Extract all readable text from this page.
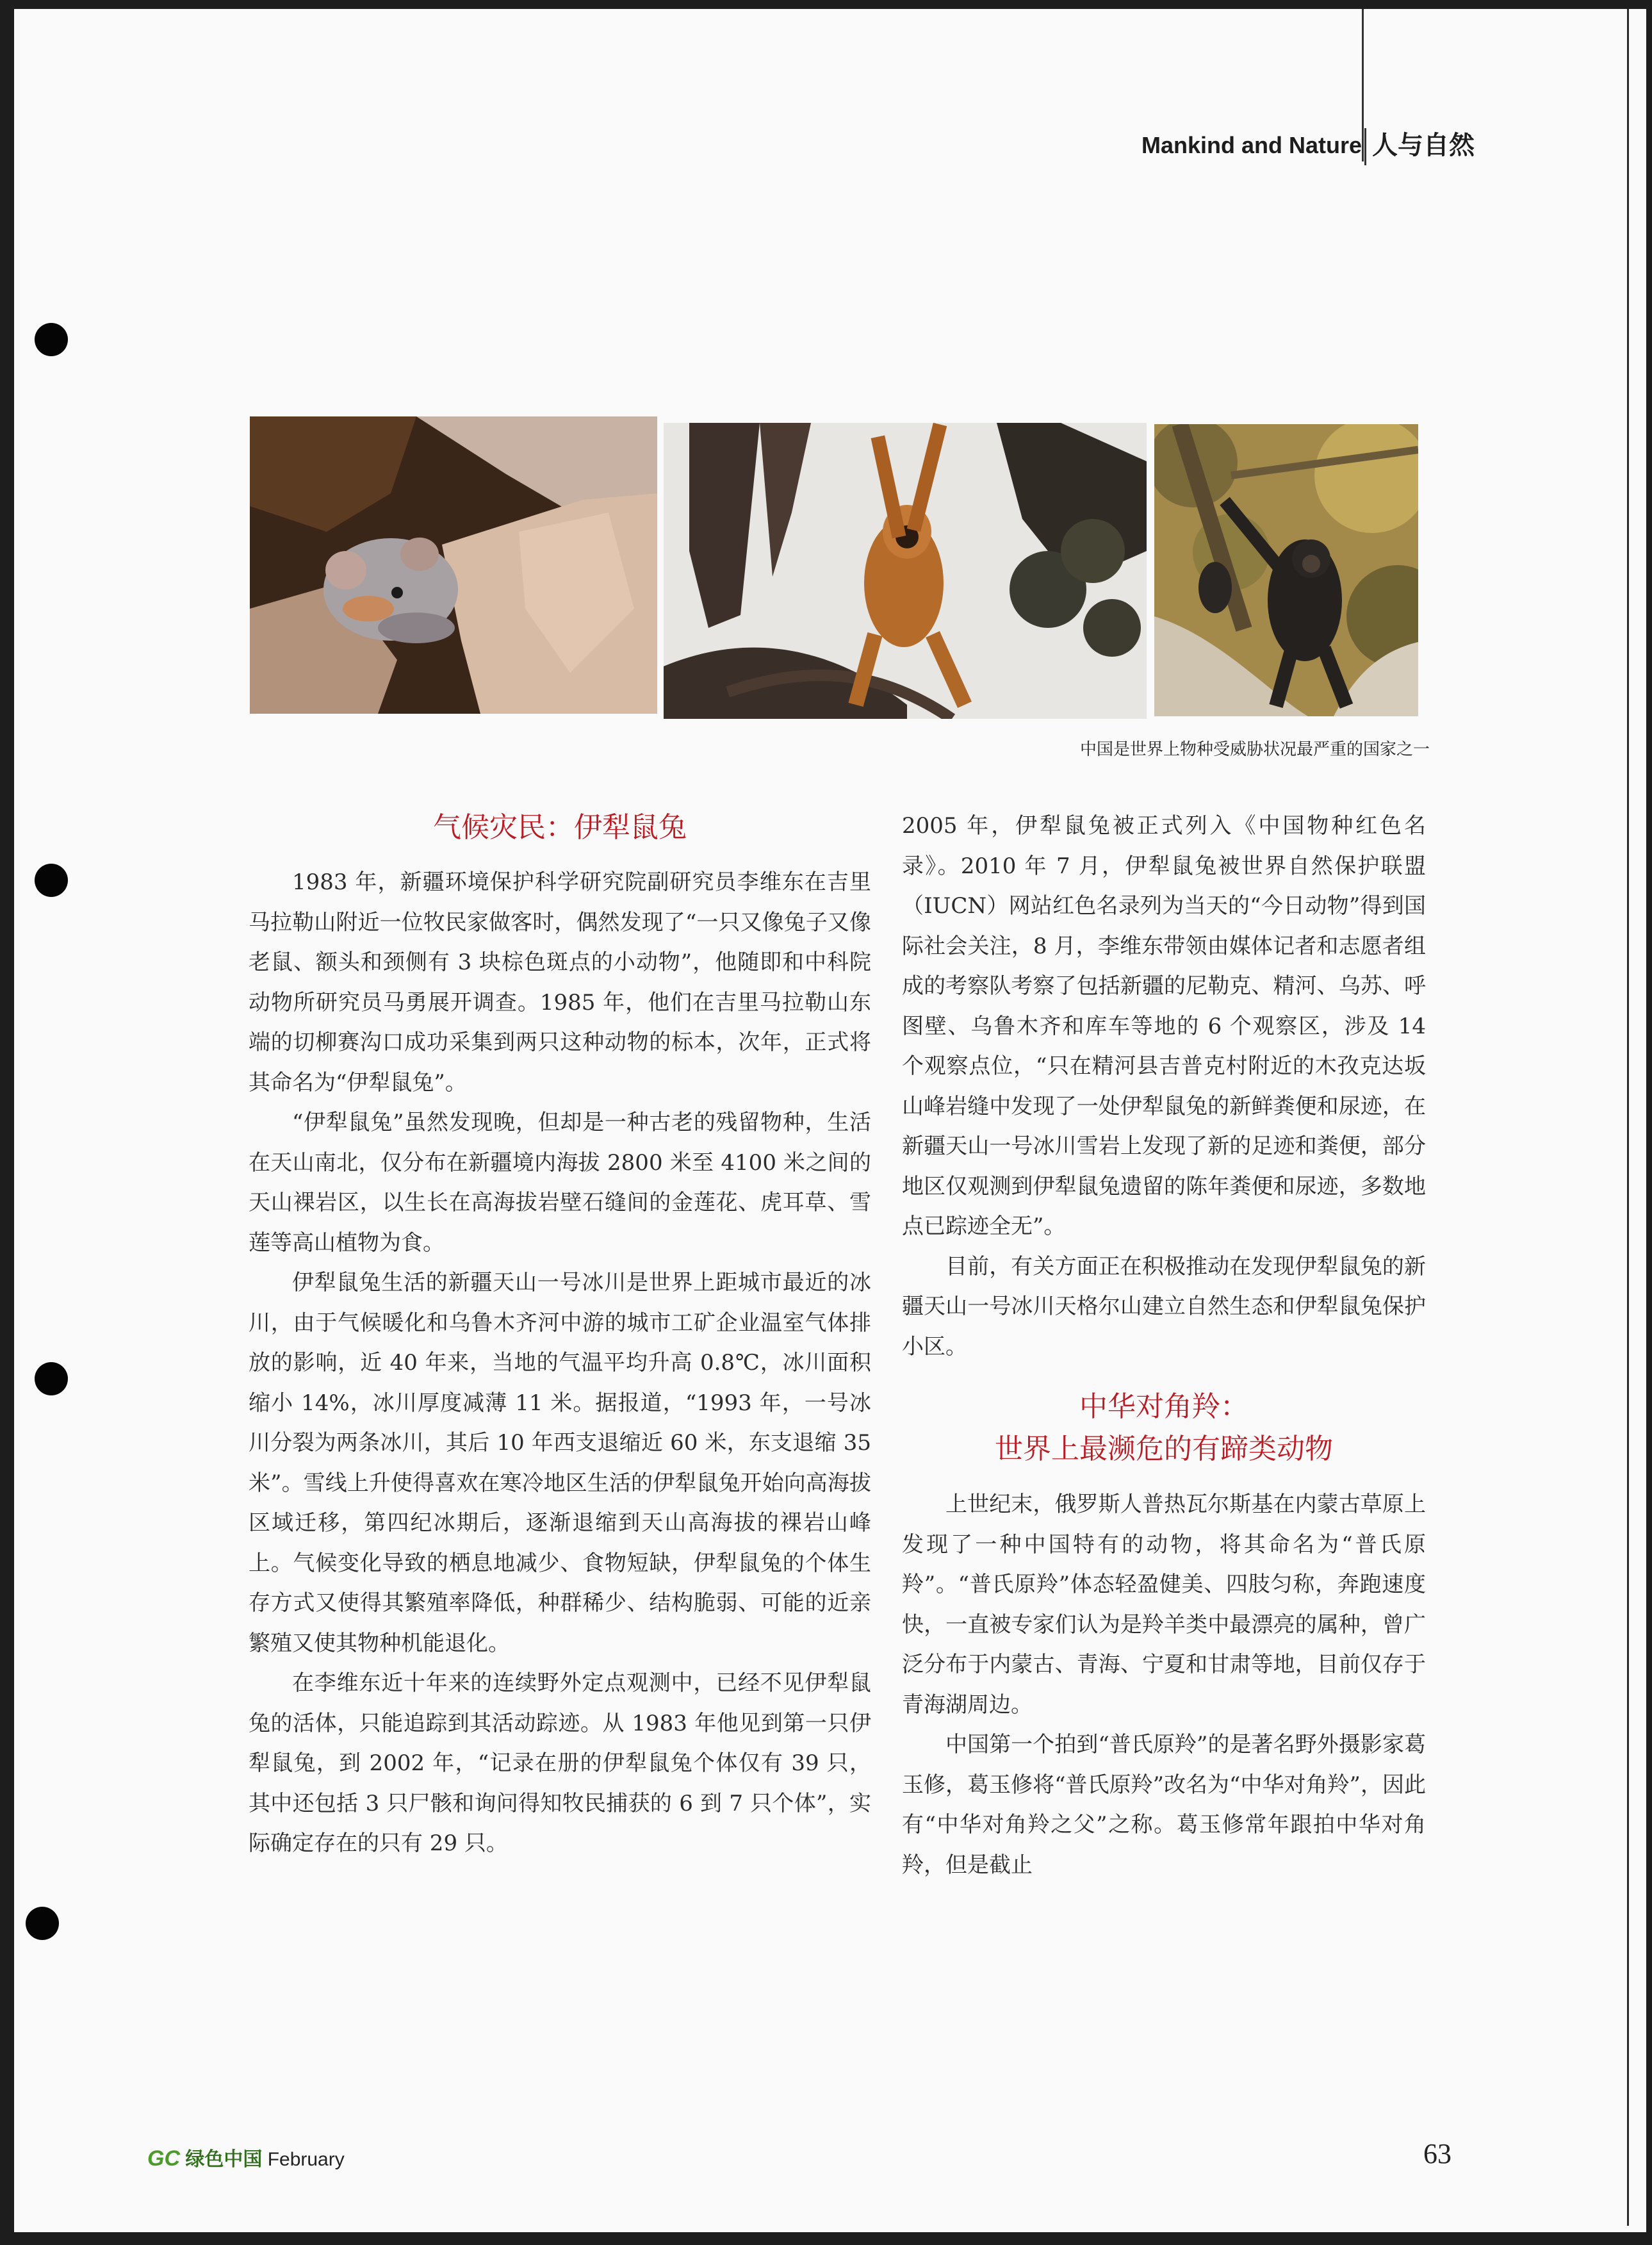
Mankind and Nature 人与自然
中国是世界上物种受威胁状况最严重的国家之一
气候灾民：伊犁鼠兔

1983 年，新疆环境保护科学研究院副研究员李维东在吉里马拉勒山附近一位牧民家做客时，偶然发现了“一只又像兔子又像老鼠、额头和颈侧有 3 块棕色斑点的小动物”，他随即和中科院动物所研究员马勇展开调查。1985 年，他们在吉里马拉勒山东端的切柳赛沟口成功采集到两只这种动物的标本，次年，正式将其命名为“伊犁鼠兔”。

“伊犁鼠兔”虽然发现晚，但却是一种古老的残留物种，生活在天山南北，仅分布在新疆境内海拔 2800 米至 4100 米之间的天山裸岩区，以生长在高海拔岩壁石缝间的金莲花、虎耳草、雪莲等高山植物为食。

伊犁鼠兔生活的新疆天山一号冰川是世界上距城市最近的冰川，由于气候暖化和乌鲁木齐河中游的城市工矿企业温室气体排放的影响，近 40 年来，当地的气温平均升高 0.8℃，冰川面积缩小 14%，冰川厚度减薄 11 米。据报道，“1993 年，一号冰川分裂为两条冰川，其后 10 年西支退缩近 60 米，东支退缩 35 米”。雪线上升使得喜欢在寒冷地区生活的伊犁鼠兔开始向高海拔区域迁移，第四纪冰期后，逐渐退缩到天山高海拔的裸岩山峰上。气候变化导致的栖息地减少、食物短缺，伊犁鼠兔的个体生存方式又使得其繁殖率降低，种群稀少、结构脆弱、可能的近亲繁殖又使其物种机能退化。

在李维东近十年来的连续野外定点观测中，已经不见伊犁鼠兔的活体，只能追踪到其活动踪迹。从 1983 年他见到第一只伊犁鼠兔，到 2002 年，“记录在册的伊犁鼠兔个体仅有 39 只，其中还包括 3 只尸骸和询问得知牧民捕获的 6 到 7 只个体”，实际确定存在的只有 29 只。

2005 年，伊犁鼠兔被正式列入《中国物种红色名录》。2010 年 7 月，伊犁鼠兔被世界自然保护联盟（IUCN）网站红色名录列为当天的“今日动物”得到国际社会关注，8 月，李维东带领由媒体记者和志愿者组成的考察队考察了包括新疆的尼勒克、精河、乌苏、呼图壁、乌鲁木齐和库车等地的 6 个观察区，涉及 14 个观察点位，“只在精河县吉普克村附近的木孜克达坂山峰岩缝中发现了一处伊犁鼠兔的新鲜粪便和尿迹，在新疆天山一号冰川雪岩上发现了新的足迹和粪便，部分地区仅观测到伊犁鼠兔遗留的陈年粪便和尿迹，多数地点已踪迹全无”。

目前，有关方面正在积极推动在发现伊犁鼠兔的新疆天山一号冰川天格尔山建立自然生态和伊犁鼠兔保护小区。

中华对角羚：
世界上最濒危的有蹄类动物

上世纪末，俄罗斯人普热瓦尔斯基在内蒙古草原上发现了一种中国特有的动物，将其命名为“普氏原羚”。“普氏原羚”体态轻盈健美、四肢匀称，奔跑速度快，一直被专家们认为是羚羊类中最漂亮的属种，曾广泛分布于内蒙古、青海、宁夏和甘肃等地，目前仅存于青海湖周边。

中国第一个拍到“普氏原羚”的是著名野外摄影家葛玉修，葛玉修将“普氏原羚”改名为“中华对角羚”，因此有“中华对角羚之父”之称。葛玉修常年跟拍中华对角羚，但是截止

GC 绿色中国 February	63
